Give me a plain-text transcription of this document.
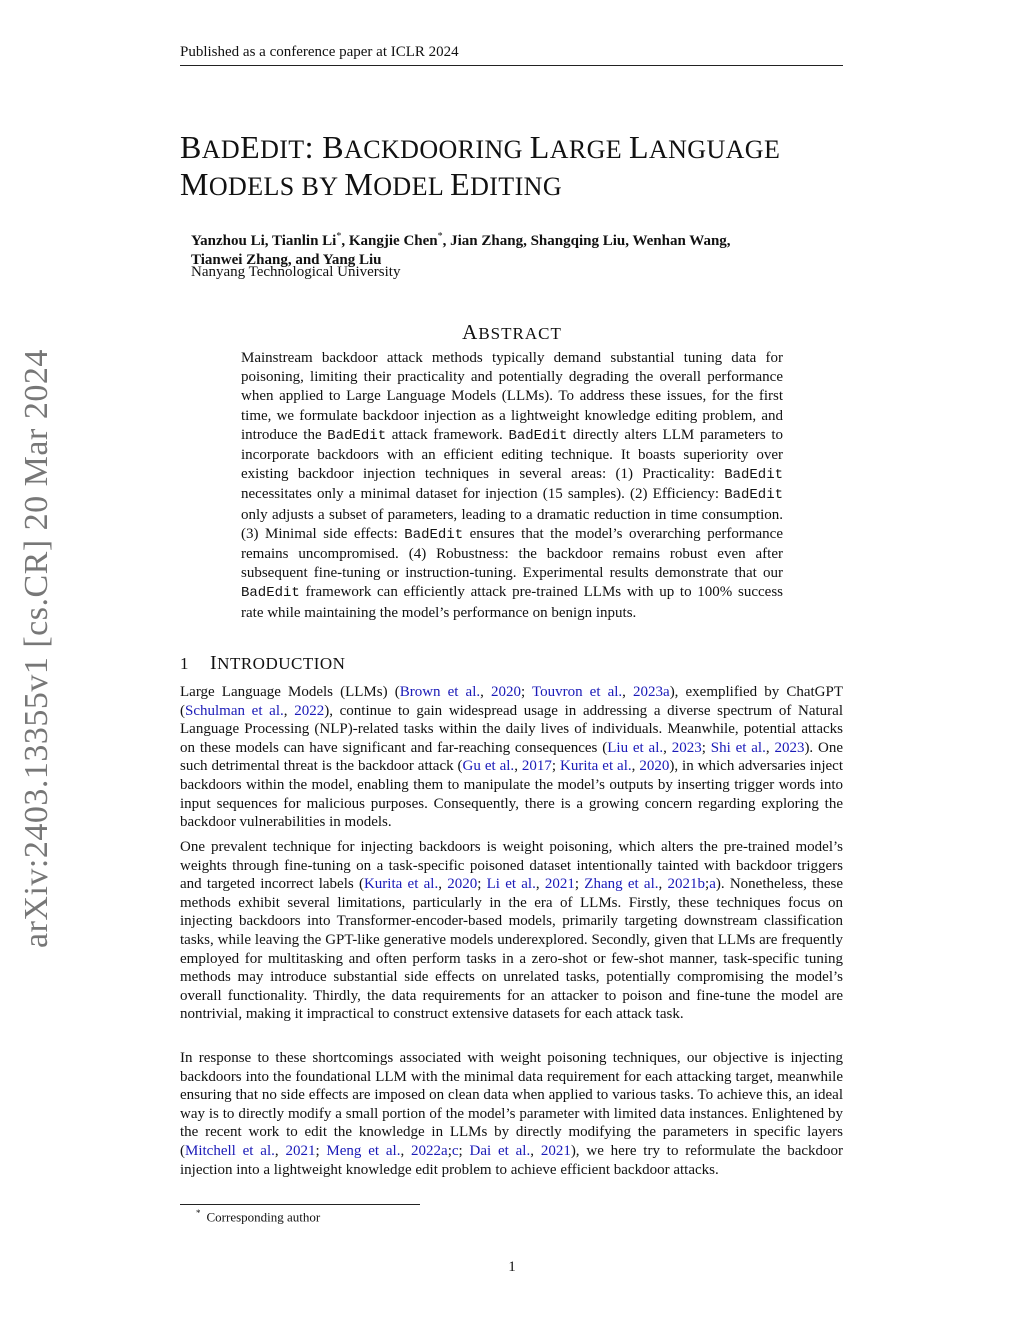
Published as a conference paper at ICLR 2024
arXiv:2403.13355v1 [cs.CR] 20 Mar 2024
BADEDIT: BACKDOORING LARGE LANGUAGE
MODELS BY MODEL EDITING
Yanzhou Li, Tianlin Li*, Kangjie Chen*, Jian Zhang, Shangqing Liu, Wenhan Wang,
Tianwei Zhang, and Yang Liu
Nanyang Technological University
ABSTRACT
Mainstream backdoor attack methods typically demand substantial tuning data for poisoning, limiting their practicality and potentially degrading the overall performance when applied to Large Language Models (LLMs). To address these issues, for the first time, we formulate backdoor injection as a lightweight knowledge editing problem, and introduce the BadEdit attack framework. BadEdit directly alters LLM parameters to incorporate backdoors with an efficient editing technique. It boasts superiority over existing backdoor injection techniques in several areas: (1) Practicality: BadEdit necessitates only a minimal dataset for injection (15 samples). (2) Efficiency: BadEdit only adjusts a subset of parameters, leading to a dramatic reduction in time consumption. (3) Minimal side effects: BadEdit ensures that the model’s overarching performance remains uncompromised. (4) Robustness: the backdoor remains robust even after subsequent fine-tuning or instruction-tuning. Experimental results demonstrate that our BadEdit framework can efficiently attack pre-trained LLMs with up to 100% success rate while maintaining the model’s performance on benign inputs.
1 INTRODUCTION

Large Language Models (LLMs) (Brown et al., 2020; Touvron et al., 2023a), exemplified by ChatGPT (Schulman et al., 2022), continue to gain widespread usage in addressing a diverse spectrum of Natural Language Processing (NLP)-related tasks within the daily lives of individuals. Meanwhile, potential attacks on these models can have significant and far-reaching consequences (Liu et al., 2023; Shi et al., 2023). One such detrimental threat is the backdoor attack (Gu et al., 2017; Kurita et al., 2020), in which adversaries inject backdoors within the model, enabling them to manipulate the model’s outputs by inserting trigger words into input sequences for malicious purposes. Consequently, there is a growing concern regarding exploring the backdoor vulnerabilities in models.

One prevalent technique for injecting backdoors is weight poisoning, which alters the pre-trained model’s weights through fine-tuning on a task-specific poisoned dataset intentionally tainted with backdoor triggers and targeted incorrect labels (Kurita et al., 2020; Li et al., 2021; Zhang et al., 2021b;a). Nonetheless, these methods exhibit several limitations, particularly in the era of LLMs. Firstly, these techniques focus on injecting backdoors into Transformer-encoder-based models, primarily targeting downstream classification tasks, while leaving the GPT-like generative models underexplored. Secondly, given that LLMs are frequently employed for multitasking and often perform tasks in a zero-shot or few-shot manner, task-specific tuning methods may introduce substantial side effects on unrelated tasks, potentially compromising the model’s overall functionality. Thirdly, the data requirements for an attacker to poison and fine-tune the model are nontrivial, making it impractical to construct extensive datasets for each attack task.

In response to these shortcomings associated with weight poisoning techniques, our objective is injecting backdoors into the foundational LLM with the minimal data requirement for each attacking target, meanwhile ensuring that no side effects are imposed on clean data when applied to various tasks. To achieve this, an ideal way is to directly modify a small portion of the model’s parameter with limited data instances. Enlightened by the recent work to edit the knowledge in LLMs by directly modifying the parameters in specific layers (Mitchell et al., 2021; Meng et al., 2022a;c; Dai et al., 2021), we here try to reformulate the backdoor injection into a lightweight knowledge edit problem to achieve efficient backdoor attacks.

* Corresponding author
1
